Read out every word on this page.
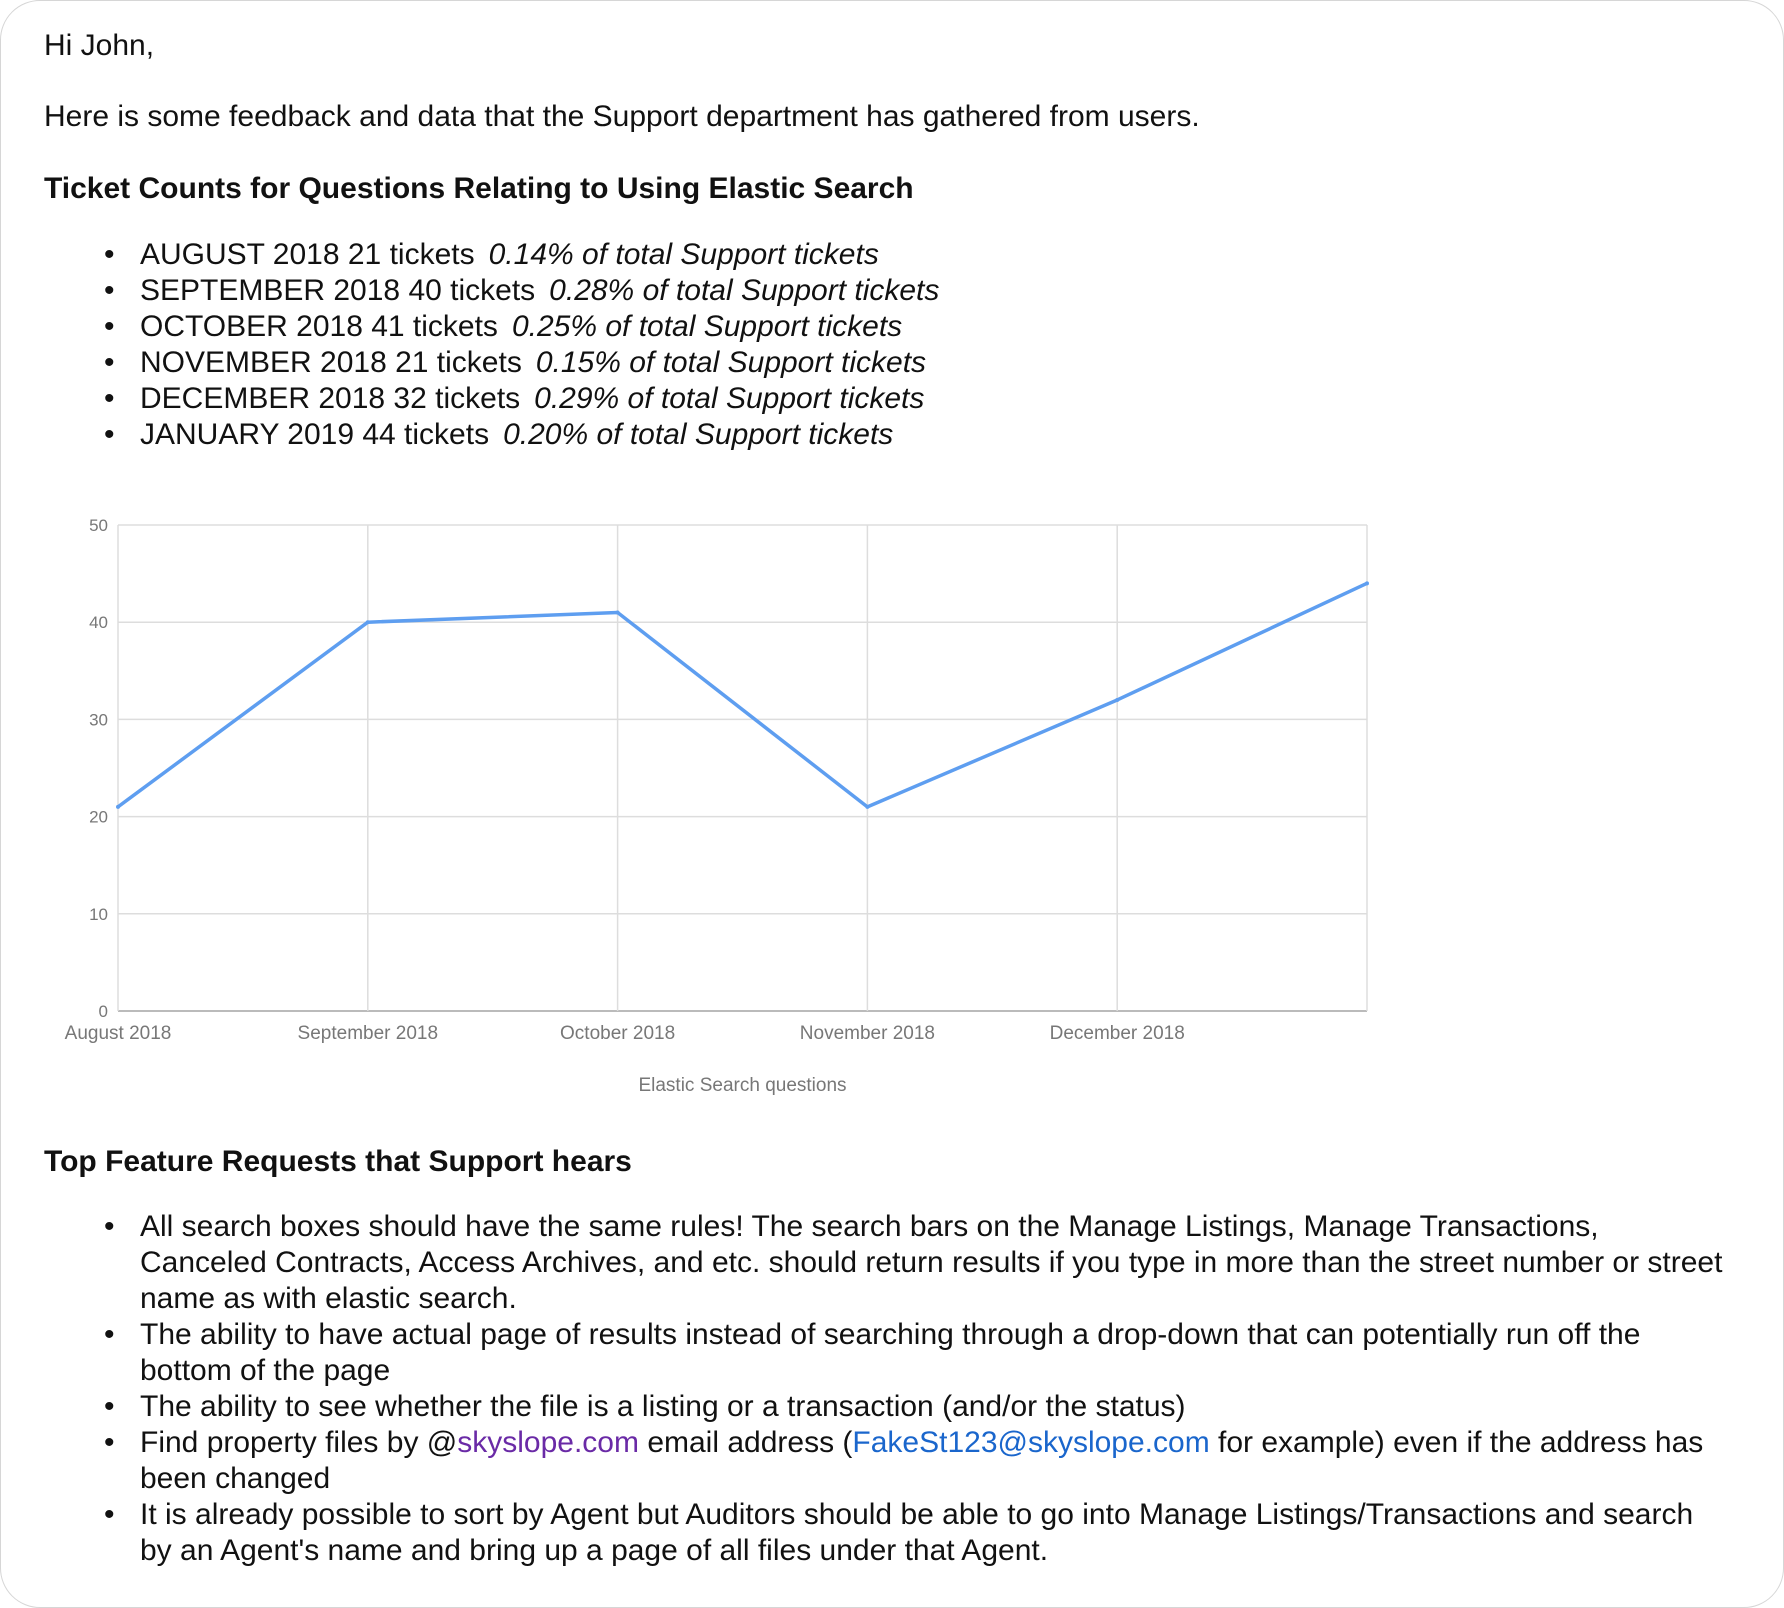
Hi John,
Here is some feedback and data that the Support department has gathered from users.
Ticket Counts for Questions Relating to Using Elastic Search
• AUGUST 2018 21 tickets 0.14% of total Support tickets
• SEPTEMBER 2018 40 tickets 0.28% of total Support tickets
• OCTOBER 2018 41 tickets 0.25% of total Support tickets
• NOVEMBER 2018 21 tickets 0.15% of total Support tickets
• DECEMBER 2018 32 tickets 0.29% of total Support tickets
• JANUARY 2019 44 tickets 0.20% of total Support tickets
0
10
20
30
40
50
August 2018	September 2018	October 2018	November 2018	December 2018
Elastic Search questions
Top Feature Requests that Support hears
• All search boxes should have the same rules! The search bars on the Manage Listings, Manage Transactions, Canceled Contracts, Access Archives, and etc. should return results if you type in more than the street number or street name as with elastic search.
• The ability to have actual page of results instead of searching through a drop-down that can potentially run off the bottom of the page
• The ability to see whether the file is a listing or a transaction (and/or the status)
• Find property files by @skyslope.com email address (FakeSt123@skyslope.com for example) even if the address has been changed
• It is already possible to sort by Agent but Auditors should be able to go into Manage Listings/Transactions and search by an Agent's name and bring up a page of all files under that Agent.
